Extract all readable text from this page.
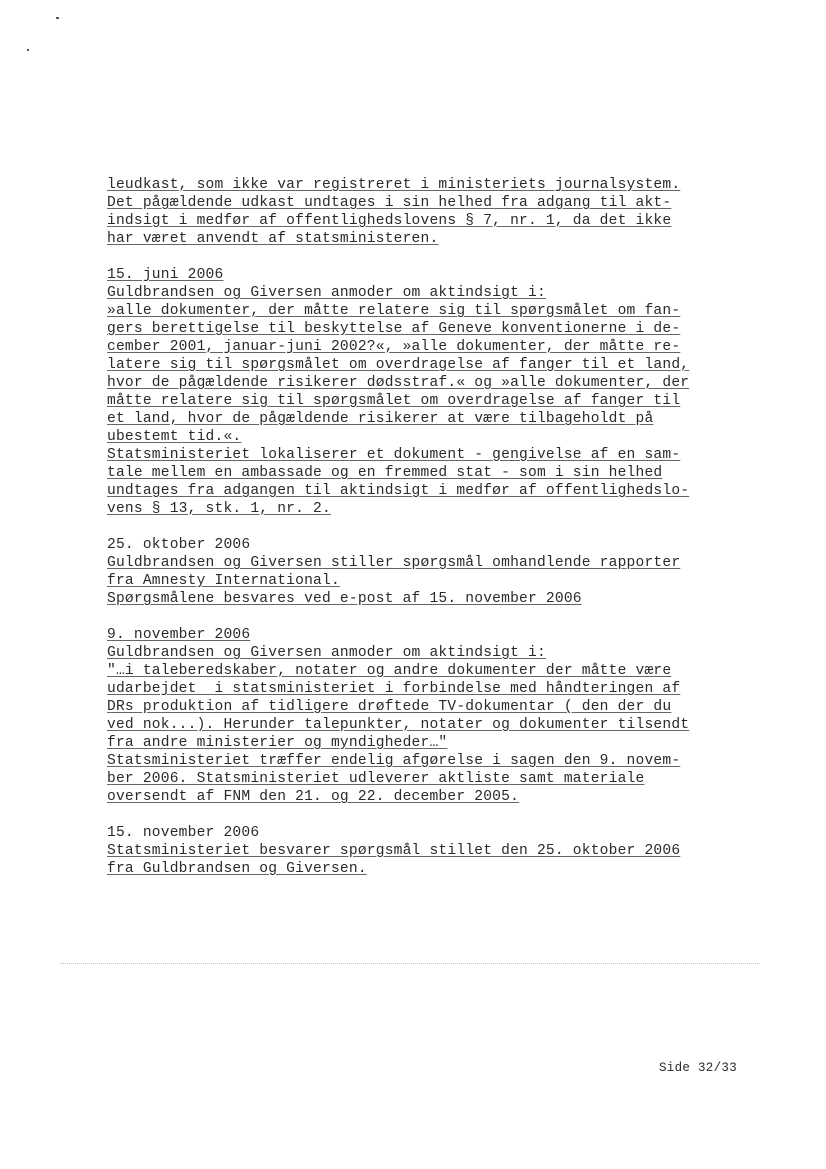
leudkast, som ikke var registreret i ministeriets journalsystem.
Det pågældende udkast undtages i sin helhed fra adgang til akt-
indsigt i medfør af offentlighedslovens § 7, nr. 1, da det ikke
har været anvendt af statsministeren.
15. juni 2006
Guldbrandsen og Giversen anmoder om aktindsigt i:
»alle dokumenter, der måtte relatere sig til spørgsmålet om fan-
gers berettigelse til beskyttelse af Geneve konventionerne i de-
cember 2001, januar-juni 2002?«, »alle dokumenter, der måtte re-
latere sig til spørgsmålet om overdragelse af fanger til et land,
hvor de pågældende risikerer dødsstraf.« og »alle dokumenter, der
måtte relatere sig til spørgsmålet om overdragelse af fanger til
et land, hvor de pågældende risikerer at være tilbageholdt på
ubestemt tid.«.
Statsministeriet lokaliserer et dokument - gengivelse af en sam-
tale mellem en ambassade og en fremmed stat - som i sin helhed
undtages fra adgangen til aktindsigt i medfør af offentlighedslo-
vens § 13, stk. 1, nr. 2.
25. oktober 2006
Guldbrandsen og Giversen stiller spørgsmål omhandlende rapporter
fra Amnesty International.
Spørgsmålene besvares ved e-post af 15. november 2006
9. november 2006
Guldbrandsen og Giversen anmoder om aktindsigt i:
"…i taleberedskaber, notater og andre dokumenter der måtte være
udarbejdet  i statsministeriet i forbindelse med håndteringen af
DRs produktion af tidligere drøftede TV-dokumentar ( den der du
ved nok...). Herunder talepunkter, notater og dokumenter tilsendt
fra andre ministerier og myndigheder…"
Statsministeriet træffer endelig afgørelse i sagen den 9. novem-
ber 2006. Statsministeriet udleverer aktliste samt materiale
oversendt af FNM den 21. og 22. december 2005.
15. november 2006
Statsministeriet besvarer spørgsmål stillet den 25. oktober 2006
fra Guldbrandsen og Giversen.
Side 32/33
